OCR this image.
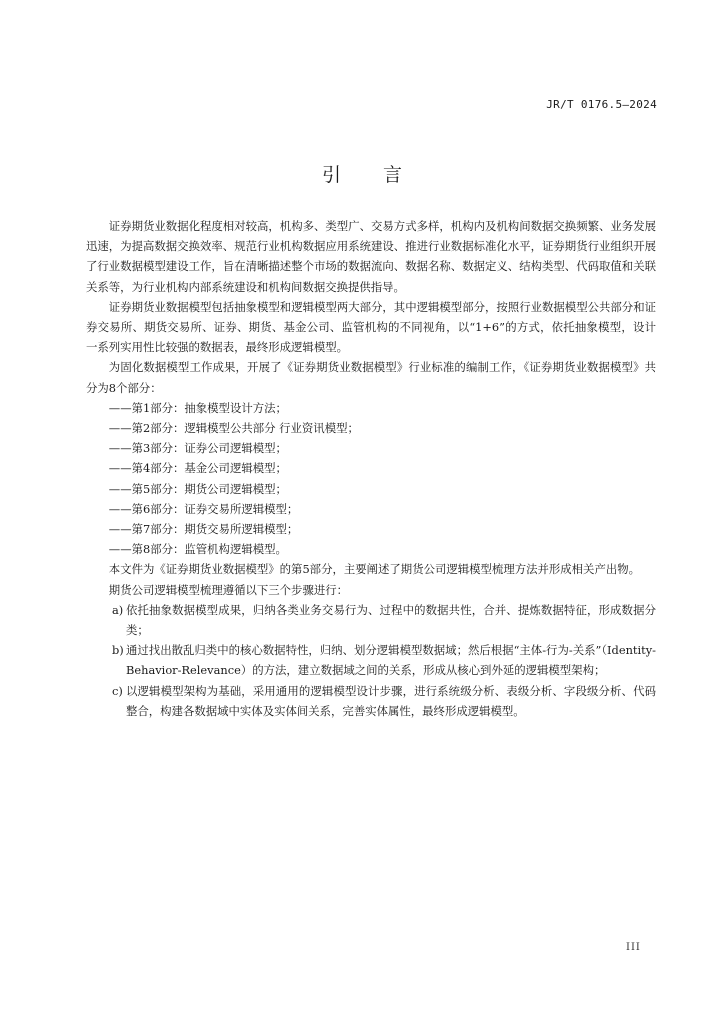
JR/T 0176.5—2024
引言

证券期货业数据化程度相对较高，机构多、类型广、交易方式多样，机构内及机构间数据交换频繁、业务发展迅速，为提高数据交换效率、规范行业机构数据应用系统建设、推进行业数据标准化水平，证券期货行业组织开展了行业数据模型建设工作，旨在清晰描述整个市场的数据流向、数据名称、数据定义、结构类型、代码取值和关联关系等，为行业机构内部系统建设和机构间数据交换提供指导。

证券期货业数据模型包括抽象模型和逻辑模型两大部分，其中逻辑模型部分，按照行业数据模型公共部分和证券交易所、期货交易所、证券、期货、基金公司、监管机构的不同视角，以“1+6”的方式，依托抽象模型，设计一系列实用性比较强的数据表，最终形成逻辑模型。

为固化数据模型工作成果，开展了《证券期货业数据模型》行业标准的编制工作，《证券期货业数据模型》共分为8个部分：

——第1部分：抽象模型设计方法；

——第2部分：逻辑模型公共部分 行业资讯模型；

——第3部分：证券公司逻辑模型；

——第4部分：基金公司逻辑模型；

——第5部分：期货公司逻辑模型；

——第6部分：证券交易所逻辑模型；

——第7部分：期货交易所逻辑模型；

——第8部分：监管机构逻辑模型。

本文件为《证券期货业数据模型》的第5部分，主要阐述了期货公司逻辑模型梳理方法并形成相关产出物。

期货公司逻辑模型梳理遵循以下三个步骤进行：

a) 依托抽象数据模型成果，归纳各类业务交易行为、过程中的数据共性，合并、提炼数据特征，形成数据分类；

b) 通过找出散乱归类中的核心数据特性，归纳、划分逻辑模型数据域；然后根据“主体-行为-关系”（Identity-Behavior-Relevance）的方法，建立数据域之间的关系，形成从核心到外延的逻辑模型架构；

c) 以逻辑模型架构为基础，采用通用的逻辑模型设计步骤，进行系统级分析、表级分析、字段级分析、代码整合，构建各数据域中实体及实体间关系，完善实体属性，最终形成逻辑模型。

III
